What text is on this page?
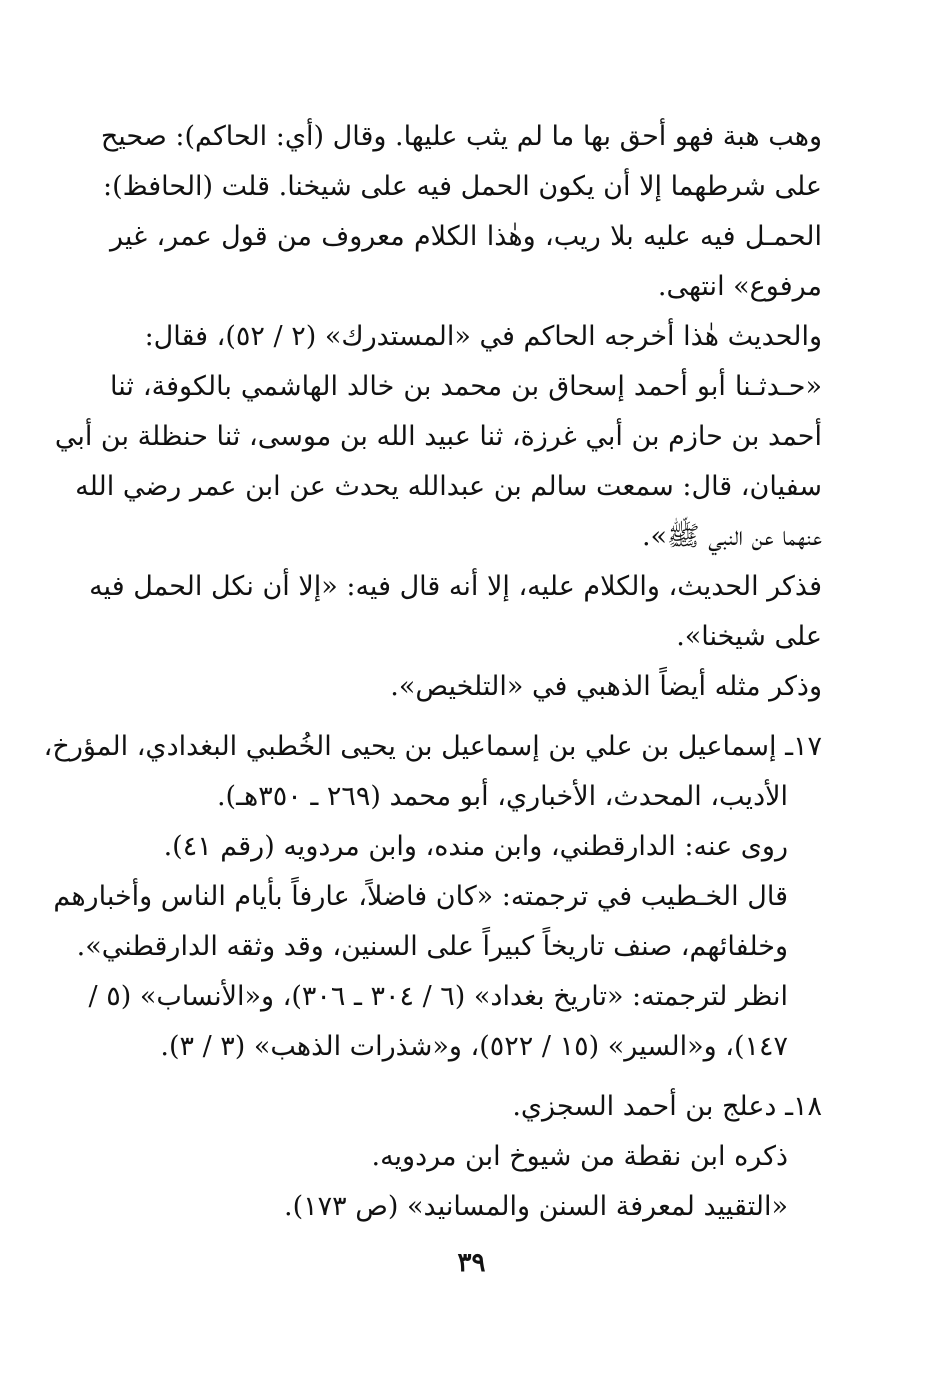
وهب هبة فهو أحق بها ما لم يثب عليها. وقال (أي: الحاكم): صحيح
على شرطهما إلا أن يكون الحمل فيه على شيخنا. قلت (الحافظ):
الحمـل فيه عليه بلا ريب، وهٰذا الكلام معروف من قول عمر، غير
مرفوع» انتهى.
والحديث هٰذا أخرجه الحاكم في «المستدرك» (٢ / ٥٢)، فقال:
«حـدثـنا أبو أحمد إسحاق بن محمد بن خالد الهاشمي بالكوفة، ثنا
أحمد بن حازم بن أبي غرزة، ثنا عبيد الله بن موسى، ثنا حنظلة بن أبي
سفيان، قال: سمعت سالم بن عبدالله يحدث عن ابن عمر رضي الله
عنهما عن النبي ﷺ».
فذكر الحديث، والكلام عليه، إلا أنه قال فيه: «إلا أن نكل الحمل فيه
على شيخنا».
وذكر مثله أيضاً الذهبي في «التلخيص».
١٧ـ إسماعيل بن علي بن إسماعيل بن يحيى الخُطبي البغدادي، المؤرخ،
الأديب، المحدث، الأخباري، أبو محمد (٢٦٩ ـ ٣٥٠هـ).
روى عنه: الدارقطني، وابن منده، وابن مردويه (رقم ٤١).
قال الخـطيب في ترجمته: «كان فاضلاً، عارفاً بأيام الناس وأخبارهم
وخلفائهم، صنف تاريخاً كبيراً على السنين، وقد وثقه الدارقطني».
انظر لترجمته: «تاريخ بغداد» (٦ / ٣٠٤ ـ ٣٠٦)، و«الأنساب» (٥ /
١٤٧)، و«السير» (١٥ / ٥٢٢)، و«شذرات الذهب» (٣ / ٣).
١٨ـ دعلج بن أحمد السجزي.
ذكره ابن نقطة من شيوخ ابن مردويه.
«التقييد لمعرفة السنن والمسانيد» (ص ١٧٣).
٣٩
